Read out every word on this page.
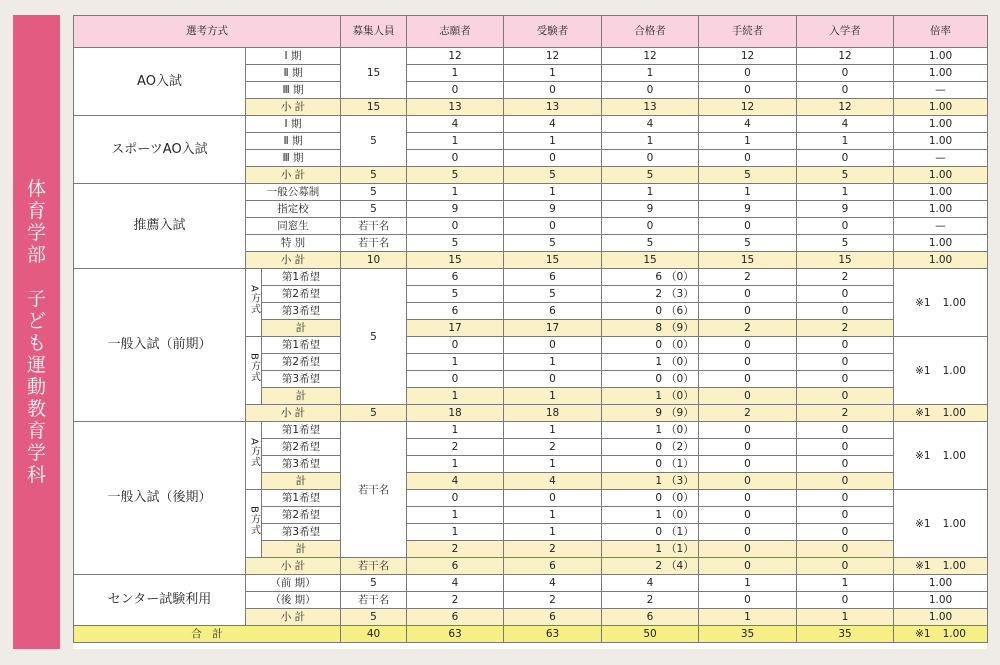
体
育
学
部
子
ど
も
運
動
教
育
学
科
選考方式			募集人員	志願者	受験者	合格者	手続者	入学者	倍率
AO入試	Ⅰ 期		15	12	12	12	12	12	1.00
	Ⅱ 期			1	1	1	0	0	1.00
	Ⅲ 期			0	0	0	0	0	—
	小 計		15	13	13	13	12	12	1.00
スポーツAO入試	Ⅰ 期		5	4	4	4	4	4	1.00
	Ⅱ 期			1	1	1	1	1	1.00
	Ⅲ 期			0	0	0	0	0	—
	小 計		5	5	5	5	5	5	1.00
推薦入試	一般公募制		5	1	1	1	1	1	1.00
	指定校		5	9	9	9	9	9	1.00
	同窓生		若干名	0	0	0	0	0	—
	特 別		若干名	5	5	5	5	5	1.00
	小 計		10	15	15	15	15	15	1.00
一般入試（前期）	A方式	第1希望	5	6	6	6 （0）	2	2	※1 1.00

		第2希望		5	5	2 （3）	0	0	
		第3希望		6	6	0 （6）	0	0	
		計		17	17	8 （9）	2	2	
	B方式	第1希望		0	0	0 （0）	0	0	※1 1.00

		第2希望		1	1	1 （0）	0	0	
		第3希望		0	0	0 （0）	0	0	
		計		1	1	1 （0）	0	0	
	小 計		5	18	18	9 （9）	2	2	※1 1.00

一般入試（後期）	A方式	第1希望	若干名	1	1	1 （0）	0	0	※1 1.00

		第2希望		2	2	0 （2）	0	0	
		第3希望		1	1	0 （1）	0	0	
		計		4	4	1 （3）	0	0	
	B方式	第1希望		0	0	0 （0）	0	0	※1 1.00

		第2希望		1	1	1 （0）	0	0	
		第3希望		1	1	0 （1）	0	0	
		計		2	2	1 （1）	0	0	
	小 計		若干名	6	6	2 （4）	0	0	※1 1.00

センター試験利用	（前 期）		5	4	4	4	1	1	1.00
	（後 期）		若干名	2	2	2	0	0	1.00
	小 計		5	6	6	6	1	1	1.00
合　計			40	63	63	50	35	35	※1 1.00
